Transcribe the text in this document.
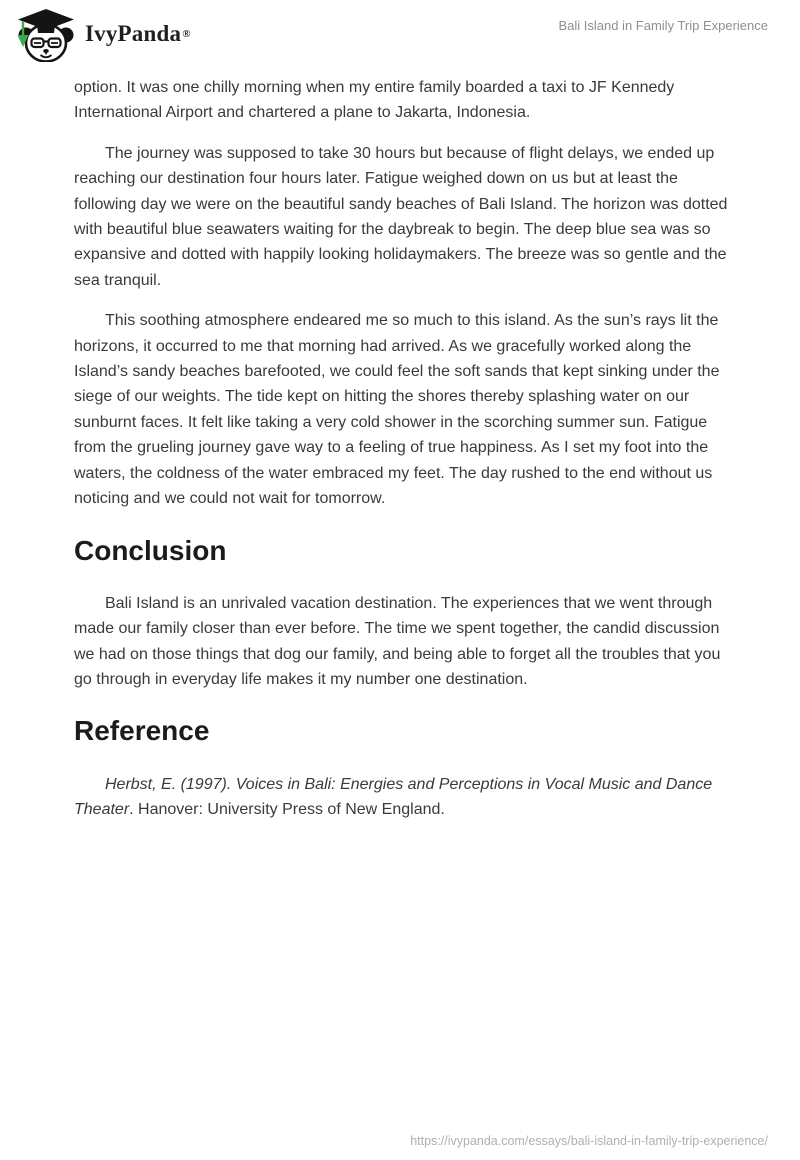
IvyPanda ®
Bali Island in Family Trip Experience

option. It was one chilly morning when my entire family boarded a taxi to JF Kennedy International Airport and chartered a plane to Jakarta, Indonesia.

The journey was supposed to take 30 hours but because of flight delays, we ended up reaching our destination four hours later. Fatigue weighed down on us but at least the following day we were on the beautiful sandy beaches of Bali Island. The horizon was dotted with beautiful blue seawaters waiting for the daybreak to begin. The deep blue sea was so expansive and dotted with happily looking holidaymakers. The breeze was so gentle and the sea tranquil.

This soothing atmosphere endeared me so much to this island. As the sun’s rays lit the horizons, it occurred to me that morning had arrived. As we gracefully worked along the Island’s sandy beaches barefooted, we could feel the soft sands that kept sinking under the siege of our weights. The tide kept on hitting the shores thereby splashing water on our sunburnt faces. It felt like taking a very cold shower in the scorching summer sun. Fatigue from the grueling journey gave way to a feeling of true happiness. As I set my foot into the waters, the coldness of the water embraced my feet. The day rushed to the end without us noticing and we could not wait for tomorrow.

Conclusion

Bali Island is an unrivaled vacation destination. The experiences that we went through made our family closer than ever before. The time we spent together, the candid discussion we had on those things that dog our family, and being able to forget all the troubles that you go through in everyday life makes it my number one destination.

Reference

Herbst, E. (1997). Voices in Bali: Energies and Perceptions in Vocal Music and Dance Theater. Hanover: University Press of New England.

https://ivypanda.com/essays/bali-island-in-family-trip-experience/
